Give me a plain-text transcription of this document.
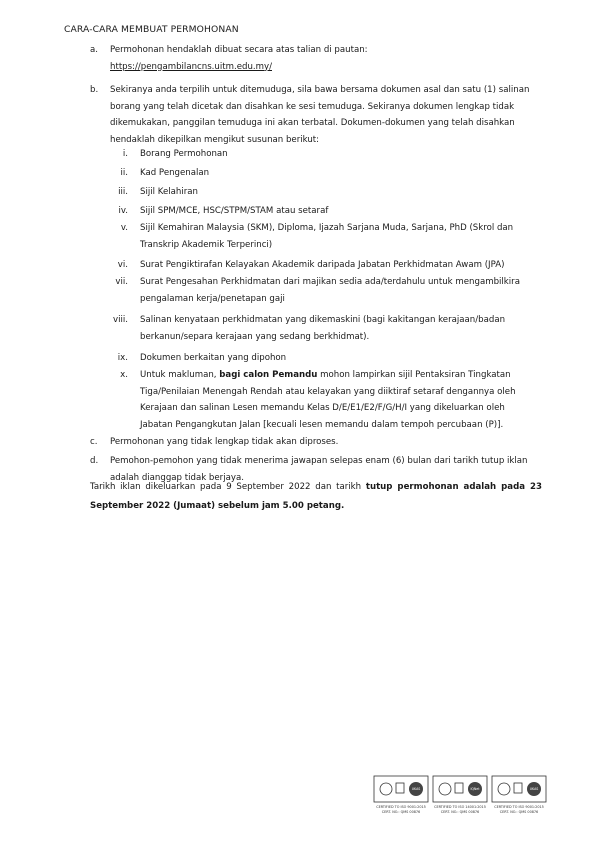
CARA-CARA MEMBUAT PERMOHONAN
a. Permohonan hendaklah dibuat secara atas talian di pautan:
https://pengambilancns.uitm.edu.my/
b. Sekiranya anda terpilih untuk ditemuduga, sila bawa bersama dokumen asal dan satu (1) salinan
borang yang telah dicetak dan disahkan ke sesi temuduga. Sekiranya dokumen lengkap tidak
dikemukakan, panggilan temuduga ini akan terbatal. Dokumen-dokumen yang telah disahkan
hendaklah dikepilkan mengikut susunan berikut:
i. Borang Permohonan
ii. Kad Pengenalan
iii. Sijil Kelahiran
iv. Sijil SPM/MCE, HSC/STPM/STAM atau setaraf
v. Sijil Kemahiran Malaysia (SKM), Diploma, Ijazah Sarjana Muda, Sarjana, PhD (Skrol dan
Transkrip Akademik Terperinci)
vi. Surat Pengiktirafan Kelayakan Akademik daripada Jabatan Perkhidmatan Awam (JPA)
vii. Surat Pengesahan Perkhidmatan dari majikan sedia ada/terdahulu untuk mengambilkira
pengalaman kerja/penetapan gaji
viii. Salinan kenyataan perkhidmatan yang dikemaskini (bagi kakitangan kerajaan/badan
berkanun/separa kerajaan yang sedang berkhidmat).
ix. Dokumen berkaitan yang dipohon
x. Untuk makluman, bagi calon Pemandu mohon lampirkan sijil Pentaksiran Tingkatan
Tiga/Penilaian Menengah Rendah atau kelayakan yang diiktiraf setaraf dengannya oleh
Kerajaan dan salinan Lesen memandu Kelas D/E/E1/E2/F/G/H/I yang dikeluarkan oleh
Jabatan Pengangkutan Jalan [kecuali lesen memandu dalam tempoh percubaan (P)].
c. Permohonan yang tidak lengkap tidak akan diproses.
d. Pemohon-pemohon yang tidak menerima jawapan selepas enam (6) bulan dari tarikh tutup iklan
adalah dianggap tidak berjaya.
Tarikh iklan dikeluarkan pada 9 September 2022 dan tarikh tutup permohonan adalah pada 23 September 2022 (Jumaat) sebelum jam 5.00 petang.
UKAS	IQNet	UKAS
CERTIFIED TO ISO 9001:2015
CERT. NO.: QMS 00876
CERTIFIED TO ISO 14001:2015
CERT. NO.: QMS 00876
CERTIFIED TO ISO 9001:2015
CERT. NO.: QMS 00876
